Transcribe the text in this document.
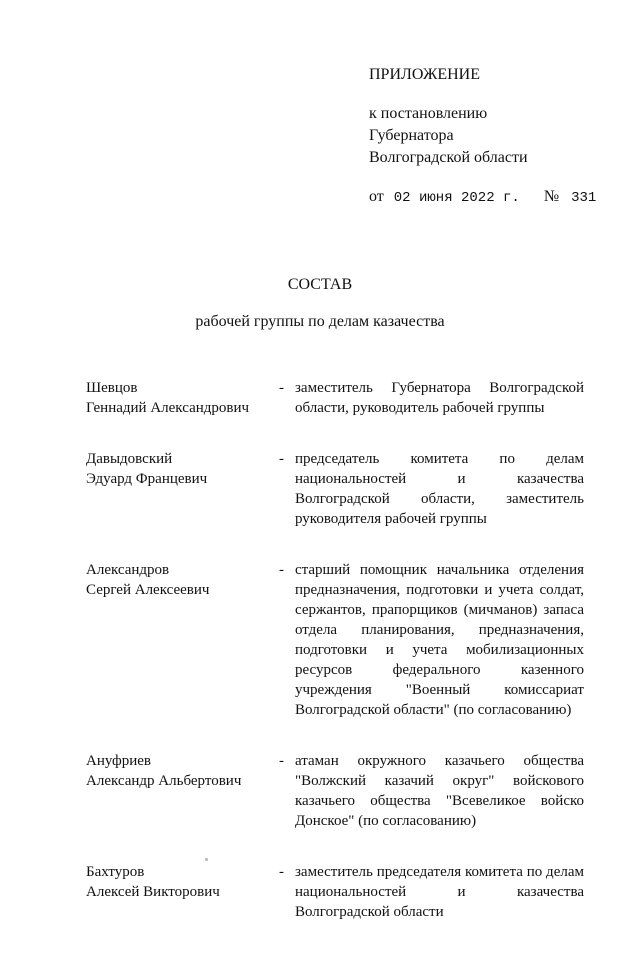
ПРИЛОЖЕНИЕ
к постановлению
Губернатора
Волгоградской области
от 02 июня 2022 г. № 331
СОСТАВ
рабочей группы по делам казачества
Шевцов
Геннадий Александрович
- заместитель Губернатора Волгоградской области, руководитель рабочей группы
Давыдовский
Эдуард Францевич
- председатель комитета по делам национальностей и казачества Волгоградской области, заместитель руководителя рабочей группы
Александров
Сергей Алексеевич
- старший помощник начальника отделения предназначения, подготовки и учета солдат, сержантов, прапорщиков (мичманов) запаса отдела планирования, предназначения, подготовки и учета мобилизационных ресурсов федерального казенного учреждения "Военный комиссариат Волгоградской области" (по согласованию)
Ануфриев
Александр Альбертович
- атаман окружного казачьего общества "Волжский казачий округ" войскового казачьего общества "Всевеликое войско Донское" (по согласованию)
Бахтуров
Алексей Викторович
- заместитель председателя комитета по делам национальностей и казачества Волгоградской области
